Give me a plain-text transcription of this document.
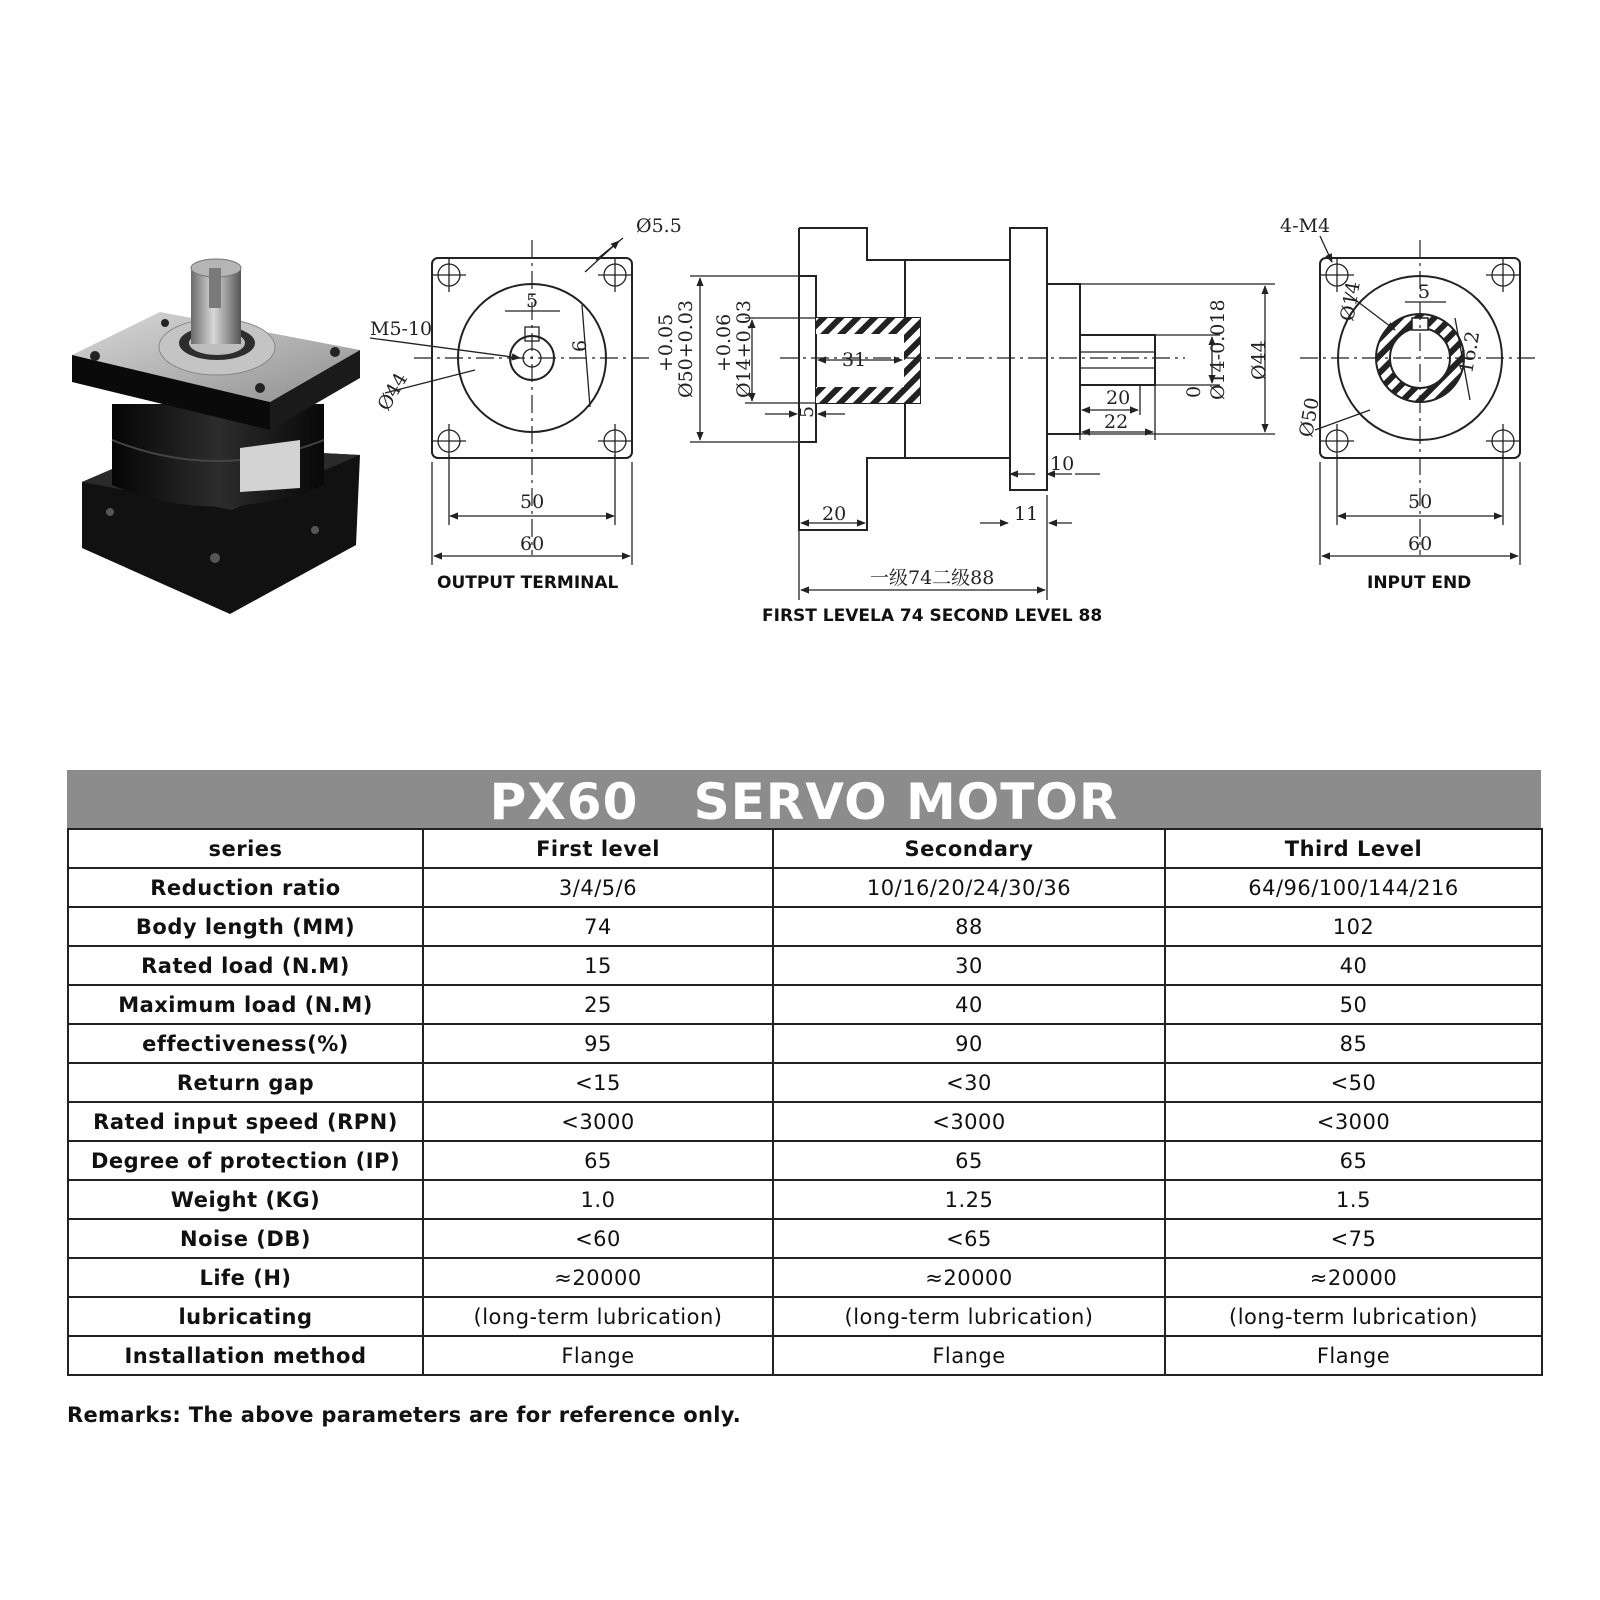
Ø5.5
M5-10
5
6
Ø44
50
60
OUTPUT TERMINAL
+0.05
Ø50+0.03 +0.06
Ø14+0.03	31
5
0 Ø14-0.018 Ø44
20
22
10
11
20
一级74二级88
FIRST LEVELA 74 SECOND LEVEL 88
4-M4
Ø14	5
16.2
Ø50
50
60
INPUT END
PX60   SERVO MOTOR
series	First level	Secondary	Third Level
Reduction ratio	3/4/5/6	10/16/20/24/30/36	64/96/100/144/216
Body length (MM)	74	88	102
Rated load (N.M)	15	30	40
Maximum load (N.M)	25	40	50
effectiveness(%)	95	90	85
Return gap	<15	<30	<50
Rated input speed (RPN)	<3000	<3000	<3000
Degree of protection (IP)	65	65	65
Weight (KG)	1.0	1.25	1.5
Noise (DB)	<60	<65	<75
Life (H)	≈20000	≈20000	≈20000
lubricating	(long-term lubrication)	(long-term lubrication)	(long-term lubrication)
Installation method	Flange	Flange	Flange
Remarks: The above parameters are for reference only.
